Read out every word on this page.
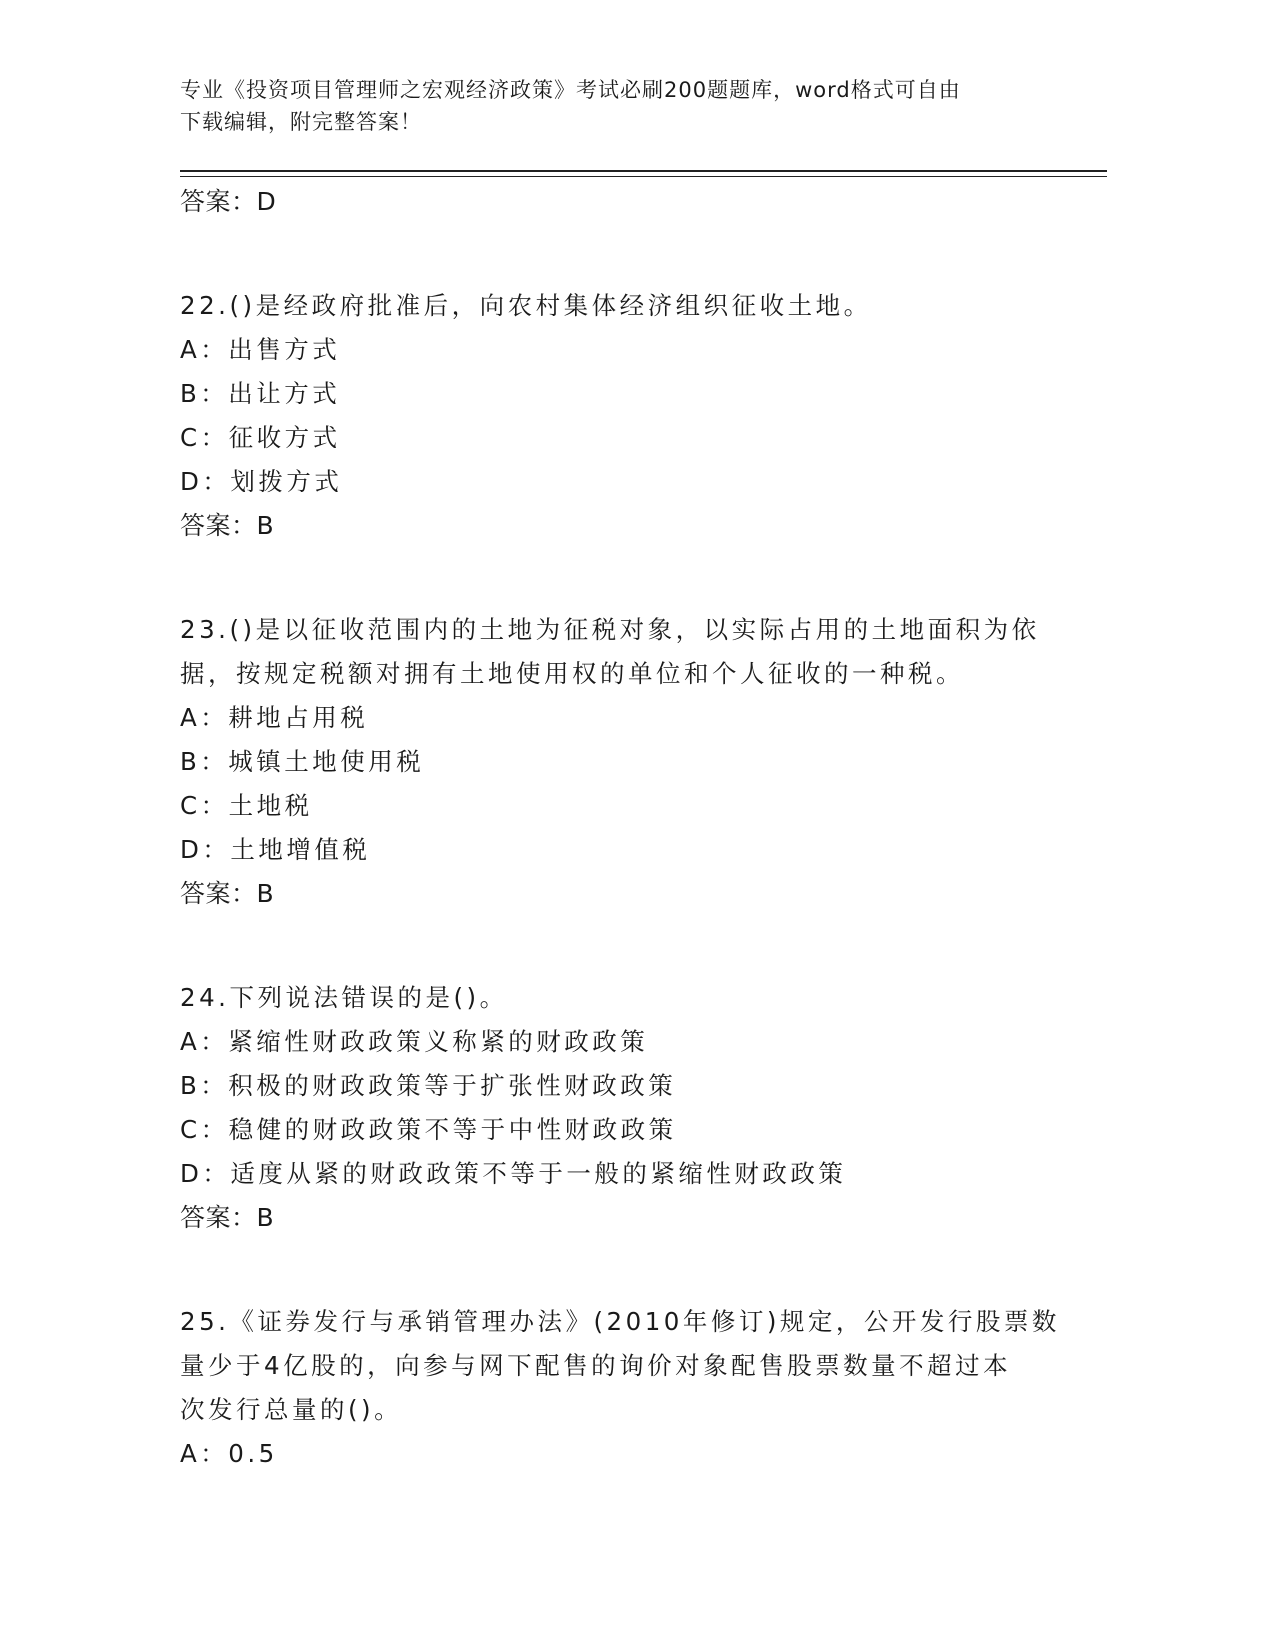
专业《投资项目管理师之宏观经济政策》考试必刷200题题库，word格式可自由
下载编辑，附完整答案！
答案：D
22.()是经政府批准后，向农村集体经济组织征收土地。
A：出售方式
B：出让方式
C：征收方式
D：划拨方式
答案：B
23.()是以征收范围内的土地为征税对象，以实际占用的土地面积为依
据，按规定税额对拥有土地使用权的单位和个人征收的一种税。
A：耕地占用税
B：城镇土地使用税
C：土地税
D：土地增值税
答案：B
24.下列说法错误的是()。
A：紧缩性财政政策义称紧的财政政策
B：积极的财政政策等于扩张性财政政策
C：稳健的财政政策不等于中性财政政策
D：适度从紧的财政政策不等于一般的紧缩性财政政策
答案：B
25.《证券发行与承销管理办法》(2010年修订)规定，公开发行股票数
量少于4亿股的，向参与网下配售的询价对象配售股票数量不超过本
次发行总量的()。
A：0.5
